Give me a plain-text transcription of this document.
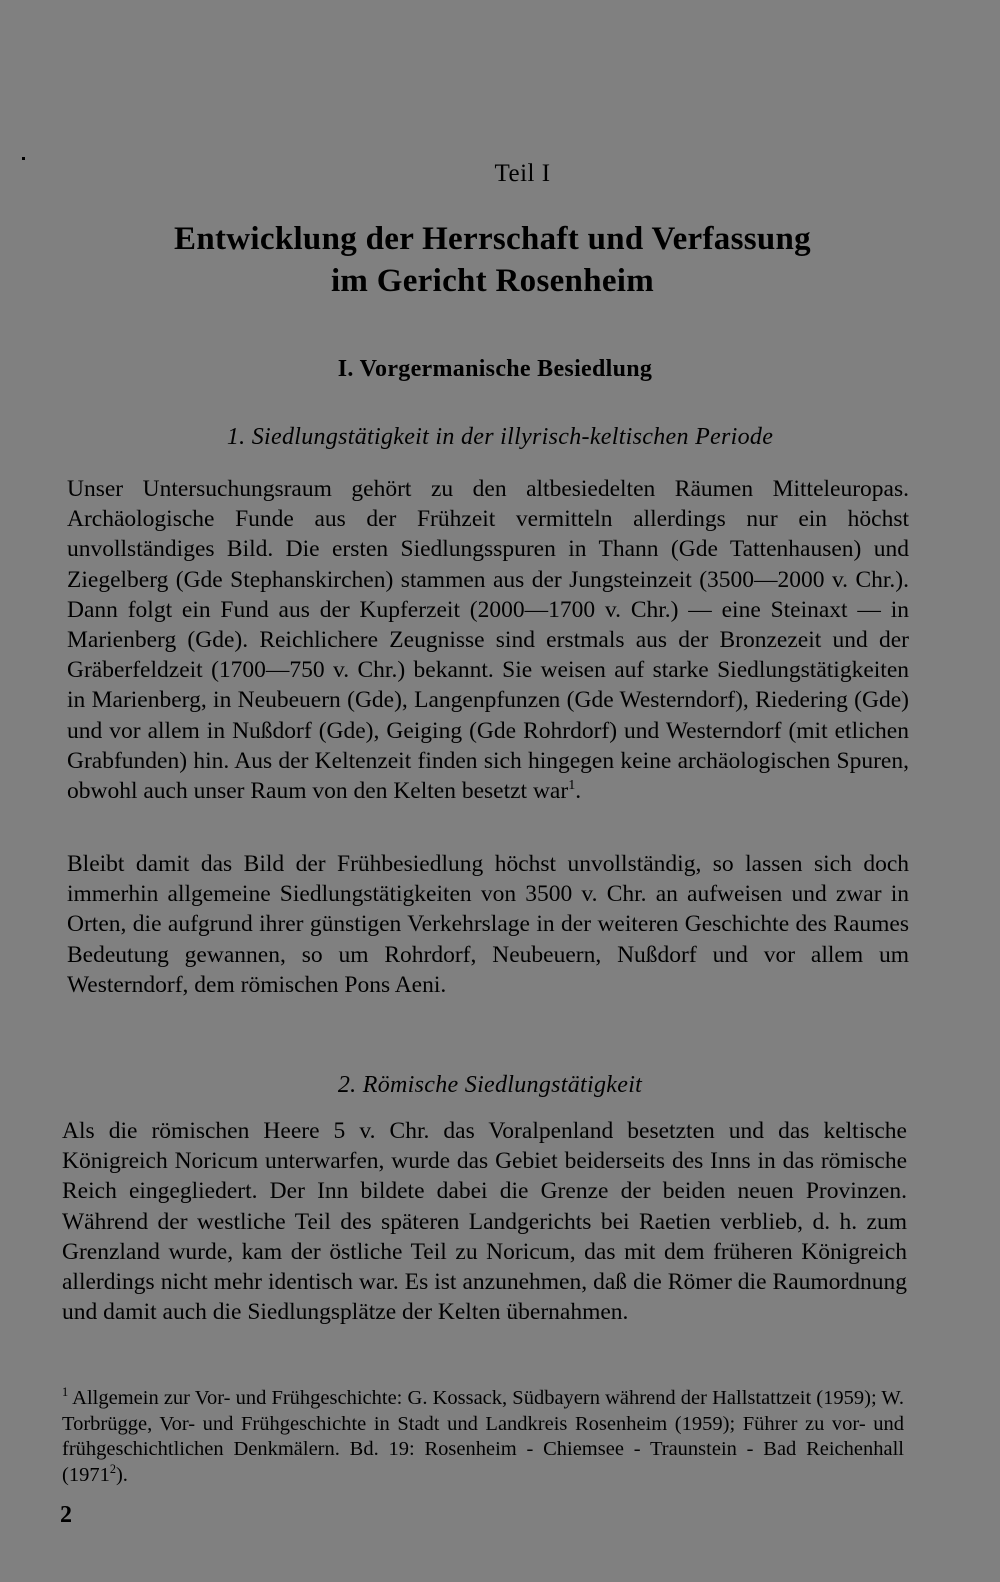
Teil I
Entwicklung der Herrschaft und Verfassung
im Gericht Rosenheim
I. Vorgermanische Besiedlung
1. Siedlungstätigkeit in der illyrisch-keltischen Periode

Unser Untersuchungsraum gehört zu den altbesiedelten Räumen Mitteleuropas. Archäologische Funde aus der Frühzeit vermitteln allerdings nur ein höchst unvollständiges Bild. Die ersten Siedlungsspuren in Thann (Gde Tattenhausen) und Ziegelberg (Gde Stephanskirchen) stammen aus der Jungsteinzeit (3500—2000 v. Chr.). Dann folgt ein Fund aus der Kupferzeit (2000—1700 v. Chr.) — eine Steinaxt — in Marienberg (Gde). Reichlichere Zeugnisse sind erstmals aus der Bronzezeit und der Gräberfeldzeit (1700—750 v. Chr.) bekannt. Sie weisen auf starke Siedlungstätigkeiten in Marienberg, in Neubeuern (Gde), Langenpfunzen (Gde Westerndorf), Riedering (Gde) und vor allem in Nußdorf (Gde), Geiging (Gde Rohrdorf) und Westerndorf (mit etlichen Grabfunden) hin. Aus der Keltenzeit finden sich hingegen keine archäologischen Spuren, obwohl auch unser Raum von den Kelten besetzt war$^1$.

Bleibt damit das Bild der Frühbesiedlung höchst unvollständig, so lassen sich doch immerhin allgemeine Siedlungstätigkeiten von 3500 v. Chr. an aufweisen und zwar in Orten, die aufgrund ihrer günstigen Verkehrslage in der weiteren Geschichte des Raumes Bedeutung gewannen, so um Rohrdorf, Neubeuern, Nußdorf und vor allem um Westerndorf, dem römischen Pons Aeni.

2. Römische Siedlungstätigkeit

Als die römischen Heere 5 v. Chr. das Voralpenland besetzten und das keltische Königreich Noricum unterwarfen, wurde das Gebiet beiderseits des Inns in das römische Reich eingegliedert. Der Inn bildete dabei die Grenze der beiden neuen Provinzen. Während der westliche Teil des späteren Landgerichts bei Raetien verblieb, d. h. zum Grenzland wurde, kam der östliche Teil zu Noricum, das mit dem früheren Königreich allerdings nicht mehr identisch war. Es ist anzunehmen, daß die Römer die Raumordnung und damit auch die Siedlungsplätze der Kelten übernahmen.

$^1$ Allgemein zur Vor- und Frühgeschichte: G. Kossack, Südbayern während der Hallstattzeit (1959); W. Torbrügge, Vor- und Frühgeschichte in Stadt und Landkreis Rosenheim (1959); Führer zu vor- und frühgeschichtlichen Denkmälern. Bd. 19: Rosenheim - Chiemsee - Traunstein - Bad Reichenhall (1971$^2$).

2
